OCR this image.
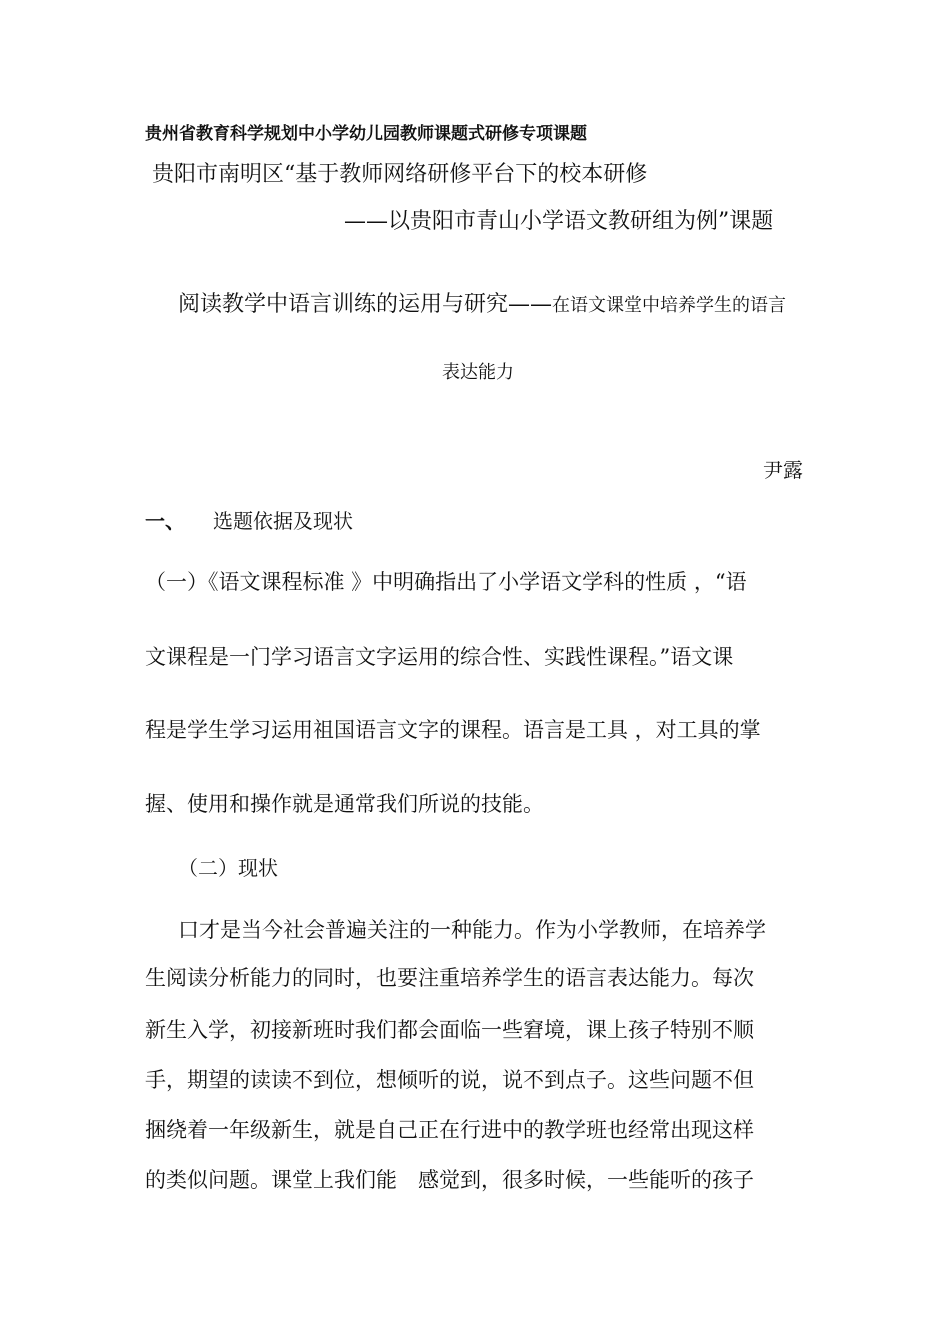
贵州省教育科学规划中小学幼儿园教师课题式研修专项课题

贵阳市南明区“基于教师网络研修平台下的校本研修

——以贵阳市青山小学语文教研组为例”课题

阅读教学中语言训练的运用与研究——在语文课堂中培养学生的语言

表达能力

尹露

一、 选题依据及现状

（一）《语文课程标准 》中明确指出了小学语文学科的性质 ，“语

文课程是一门学习语言文字运用的综合性、实践性课程。”语文课

程是学生学习运用祖国语言文字的课程。语言是工具 ，对工具的掌

握、使用和操作就是通常我们所说的技能。

（二）现状

口才是当今社会普遍关注的一种能力。作为小学教师，在培养学

生阅读分析能力的同时，也要注重培养学生的语言表达能力。每次

新生入学，初接新班时我们都会面临一些窘境，课上孩子特别不顺

手，期望的读读不到位，想倾听的说，说不到点子。这些问题不但

捆绕着一年级新生，就是自己正在行进中的教学班也经常出现这样

的类似问题。课堂上我们能　感觉到，很多时候，一些能听的孩子
